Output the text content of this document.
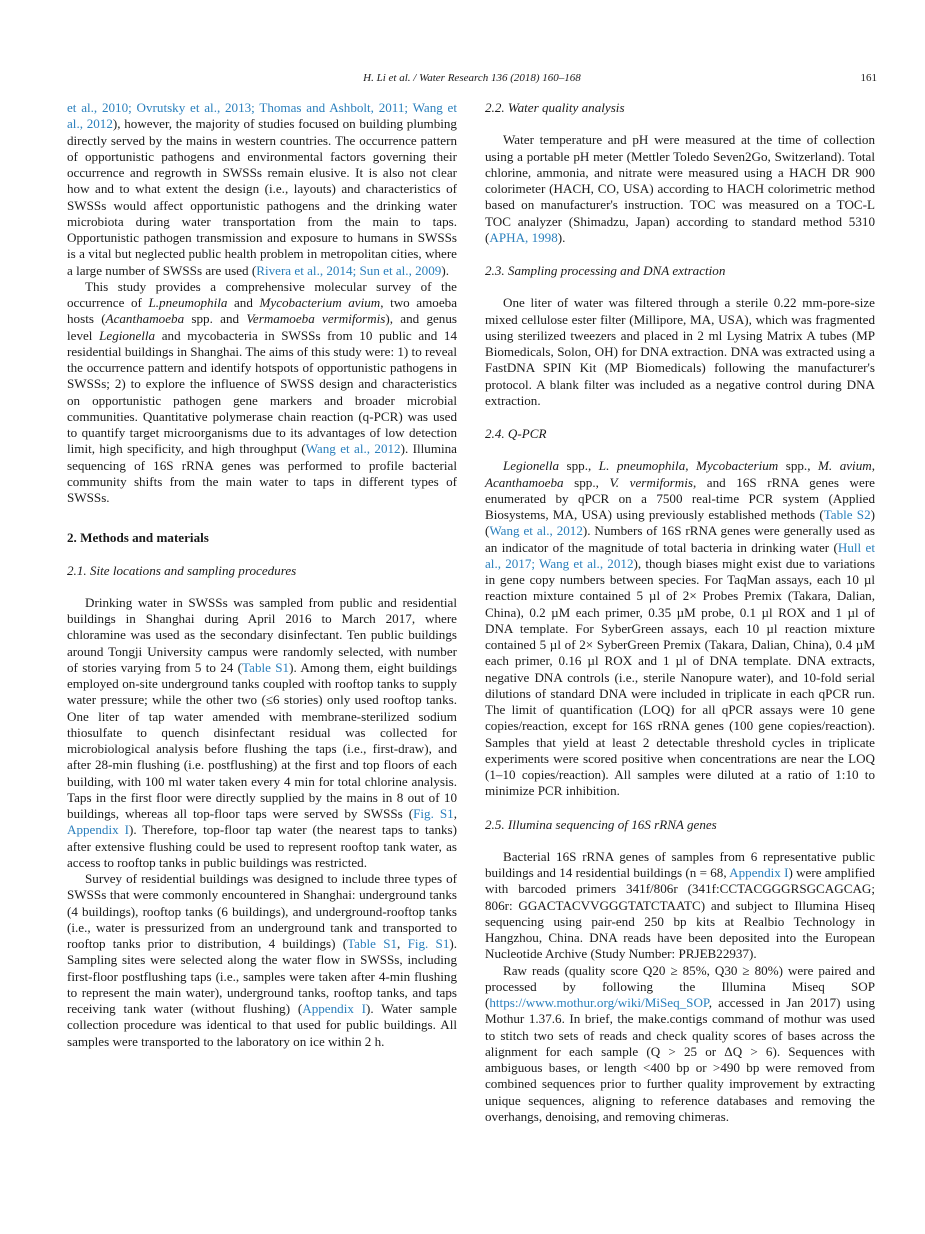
H. Li et al. / Water Research 136 (2018) 160–168	161

et al., 2010; Ovrutsky et al., 2013; Thomas and Ashbolt, 2011; Wang et al., 2012), however, the majority of studies focused on building plumbing directly served by the mains in western countries. The occurrence pattern of opportunistic pathogens and environmental factors governing their occurrence and regrowth in SWSSs remain elusive. It is also not clear how and to what extent the design (i.e., layouts) and characteristics of SWSSs would affect opportunistic pathogens and the drinking water microbiota during water transportation from the main to taps. Opportunistic pathogen transmission and exposure to humans in SWSSs is a vital but neglected public health problem in metropolitan cities, where a large number of SWSSs are used (Rivera et al., 2014; Sun et al., 2009).

This study provides a comprehensive molecular survey of the occurrence of L.pneumophila and Mycobacterium avium, two amoeba hosts (Acanthamoeba spp. and Vermamoeba vermiformis), and genus level Legionella and mycobacteria in SWSSs from 10 public and 14 residential buildings in Shanghai. The aims of this study were: 1) to reveal the occurrence pattern and identify hotspots of opportunistic pathogens in SWSSs; 2) to explore the influence of SWSS design and characteristics on opportunistic pathogen gene markers and broader microbial communities. Quantitative polymerase chain reaction (q-PCR) was used to quantify target microorganisms due to its advantages of low detection limit, high specificity, and high throughput (Wang et al., 2012). Illumina sequencing of 16S rRNA genes was performed to profile bacterial community shifts from the main water to taps in different types of SWSSs.

2. Methods and materials

2.1. Site locations and sampling procedures

Drinking water in SWSSs was sampled from public and residential buildings in Shanghai during April 2016 to March 2017, where chloramine was used as the secondary disinfectant. Ten public buildings around Tongji University campus were randomly selected, with number of stories varying from 5 to 24 (Table S1). Among them, eight buildings employed on-site underground tanks coupled with rooftop tanks to supply water pressure; while the other two (≤6 stories) only used rooftop tanks. One liter of tap water amended with membrane-sterilized sodium thiosulfate to quench disinfectant residual was collected for microbiological analysis before flushing the taps (i.e., first-draw), and after 28-min flushing (i.e. postflushing) at the first and top floors of each building, with 100 ml water taken every 4 min for total chlorine analysis. Taps in the first floor were directly supplied by the mains in 8 out of 10 buildings, whereas all top-floor taps were served by SWSSs (Fig. S1, Appendix I). Therefore, top-floor tap water (the nearest taps to tanks) after extensive flushing could be used to represent rooftop tank water, as access to rooftop tanks in public buildings was restricted.

Survey of residential buildings was designed to include three types of SWSSs that were commonly encountered in Shanghai: underground tanks (4 buildings), rooftop tanks (6 buildings), and underground-rooftop tanks (i.e., water is pressurized from an underground tank and transported to rooftop tanks prior to distribution, 4 buildings) (Table S1, Fig. S1). Sampling sites were selected along the water flow in SWSSs, including first-floor postflushing taps (i.e., samples were taken after 4-min flushing to represent the main water), underground tanks, rooftop tanks, and taps receiving tank water (without flushing) (Appendix I). Water sample collection procedure was identical to that used for public buildings. All samples were transported to the laboratory on ice within 2 h.

2.2. Water quality analysis

Water temperature and pH were measured at the time of collection using a portable pH meter (Mettler Toledo Seven2Go, Switzerland). Total chlorine, ammonia, and nitrate were measured using a HACH DR 900 colorimeter (HACH, CO, USA) according to HACH colorimetric method based on manufacturer's instruction. TOC was measured on a TOC-L TOC analyzer (Shimadzu, Japan) according to standard method 5310 (APHA, 1998).

2.3. Sampling processing and DNA extraction

One liter of water was filtered through a sterile 0.22 mm-pore-size mixed cellulose ester filter (Millipore, MA, USA), which was fragmented using sterilized tweezers and placed in 2 ml Lysing Matrix A tubes (MP Biomedicals, Solon, OH) for DNA extraction. DNA was extracted using a FastDNA SPIN Kit (MP Biomedicals) following the manufacturer's protocol. A blank filter was included as a negative control during DNA extraction.

2.4. Q-PCR

Legionella spp., L. pneumophila, Mycobacterium spp., M. avium, Acanthamoeba spp., V. vermiformis, and 16S rRNA genes were enumerated by qPCR on a 7500 real-time PCR system (Applied Biosystems, MA, USA) using previously established methods (Table S2) (Wang et al., 2012). Numbers of 16S rRNA genes were generally used as an indicator of the magnitude of total bacteria in drinking water (Hull et al., 2017; Wang et al., 2012), though biases might exist due to variations in gene copy numbers between species. For TaqMan assays, each 10 µl reaction mixture contained 5 µl of 2× Probes Premix (Takara, Dalian, China), 0.2 µM each primer, 0.35 µM probe, 0.1 µl ROX and 1 µl of DNA template. For SyberGreen assays, each 10 µl reaction mixture contained 5 µl of 2× SyberGreen Premix (Takara, Dalian, China), 0.4 µM each primer, 0.16 µl ROX and 1 µl of DNA template. DNA extracts, negative DNA controls (i.e., sterile Nanopure water), and 10-fold serial dilutions of standard DNA were included in triplicate in each qPCR run. The limit of quantification (LOQ) for all qPCR assays were 10 gene copies/reaction, except for 16S rRNA genes (100 gene copies/reaction). Samples that yield at least 2 detectable threshold cycles in triplicate experiments were scored positive when concentrations are near the LOQ (1–10 copies/reaction). All samples were diluted at a ratio of 1:10 to minimize PCR inhibition.

2.5. Illumina sequencing of 16S rRNA genes

Bacterial 16S rRNA genes of samples from 6 representative public buildings and 14 residential buildings (n = 68, Appendix I) were amplified with barcoded primers 341f/806r (341f:CCTACGGGRSGCAGCAG; 806r: GGACTACVVGGGTATCTAATC) and subject to Illumina Hiseq sequencing using pair-end 250 bp kits at Realbio Technology in Hangzhou, China. DNA reads have been deposited into the European Nucleotide Archive (Study Number: PRJEB22937).

Raw reads (quality score Q20 ≥ 85%, Q30 ≥ 80%) were paired and processed by following the Illumina Miseq SOP (https://www.mothur.org/wiki/MiSeq_SOP, accessed in Jan 2017) using Mothur 1.37.6. In brief, the make.contigs command of mothur was used to stitch two sets of reads and check quality scores of bases across the alignment for each sample (Q > 25 or ΔQ > 6). Sequences with ambiguous bases, or length <400 bp or >490 bp were removed from combined sequences prior to further quality improvement by extracting unique sequences, aligning to reference databases and removing the overhangs, denoising, and removing chimeras.
